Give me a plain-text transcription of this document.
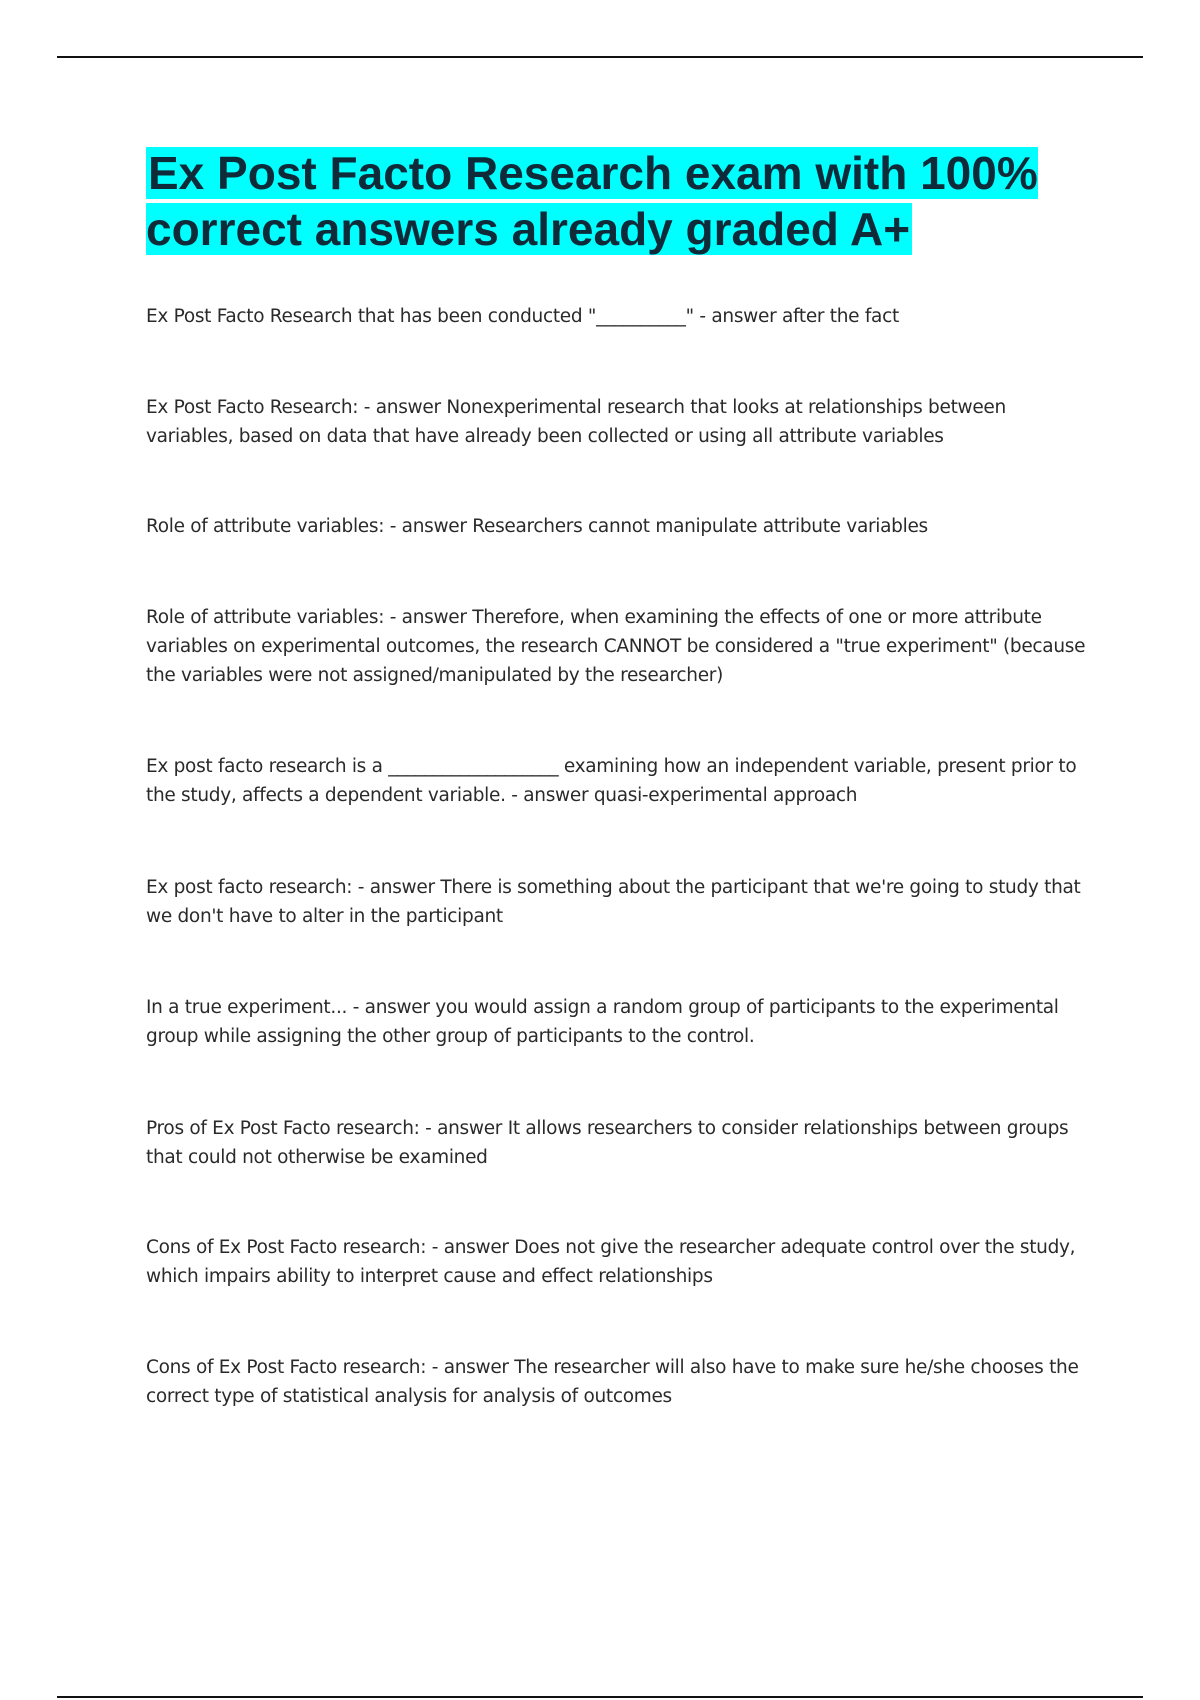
Ex Post Facto Research exam with 100% correct answers already graded A+

Ex Post Facto Research that has been conducted "__________" - answer after the fact

Ex Post Facto Research: - answer Nonexperimental research that looks at relationships between variables, based on data that have already been collected or using all attribute variables

Role of attribute variables: - answer Researchers cannot manipulate attribute variables

Role of attribute variables: - answer Therefore, when examining the effects of one or more attribute variables on experimental outcomes, the research CANNOT be considered a "true experiment" (because the variables were not assigned/manipulated by the researcher)

Ex post facto research is a ___________________ examining how an independent variable, present prior to the study, affects a dependent variable. - answer quasi-experimental approach

Ex post facto research: - answer There is something about the participant that we're going to study that we don't have to alter in the participant

In a true experiment... - answer you would assign a random group of participants to the experimental group while assigning the other group of participants to the control.

Pros of Ex Post Facto research: - answer It allows researchers to consider relationships between groups that could not otherwise be examined

Cons of Ex Post Facto research: - answer Does not give the researcher adequate control over the study, which impairs ability to interpret cause and effect relationships

Cons of Ex Post Facto research: - answer The researcher will also have to make sure he/she chooses the correct type of statistical analysis for analysis of outcomes
